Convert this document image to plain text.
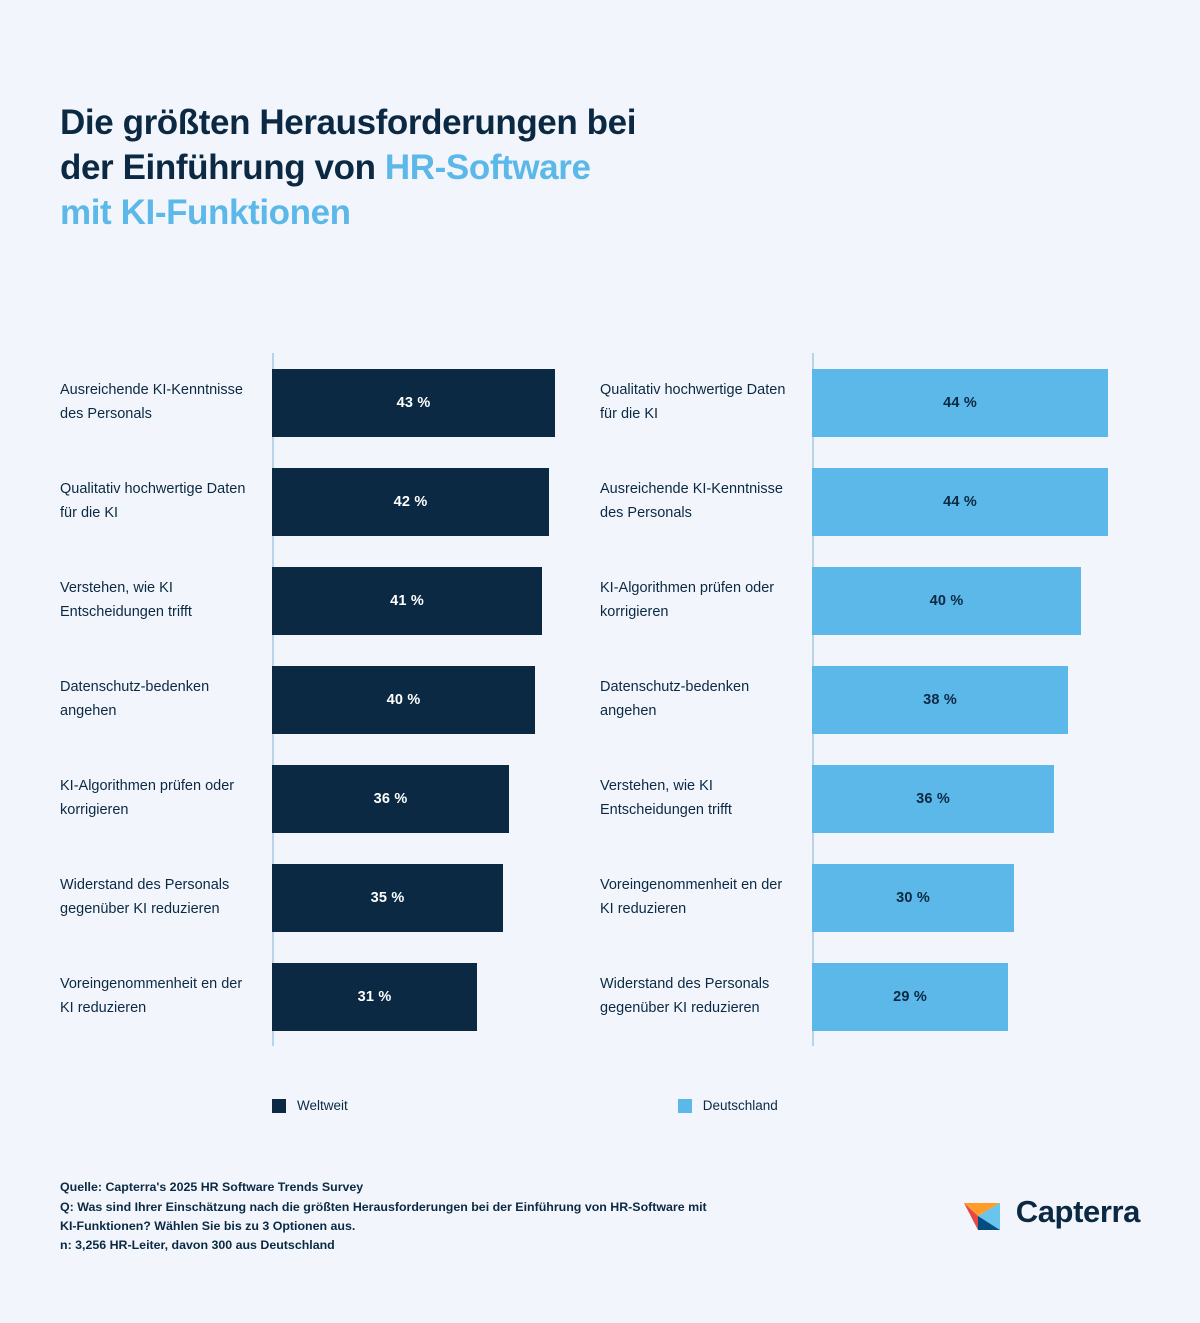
Die größten Herausforderungen bei
der Einführung von HR-Software
mit KI-Funktionen
Ausreichende KI-Kenntnisse des Personals
43 %
Qualitativ hochwertige Daten für die KI
42 %
Verstehen, wie KI Entscheidungen trifft
41 %
Datenschutz-bedenken angehen
40 %
KI-Algorithmen prüfen oder korrigieren
36 %
Widerstand des Personals gegenüber KI reduzieren
35 %
Voreingenommenheit en der KI reduzieren
31 %
Qualitativ hochwertige Daten für die KI
44 %
Ausreichende KI-Kenntnisse des Personals
44 %
KI-Algorithmen prüfen oder korrigieren
40 %
Datenschutz-bedenken angehen
38 %
Verstehen, wie KI Entscheidungen trifft
36 %
Voreingenommenheit en der KI reduzieren
30 %
Widerstand des Personals gegenüber KI reduzieren
29 %
Weltweit	Deutschland
Quelle: Capterra's 2025 HR Software Trends Survey
Q: Was sind Ihrer Einschätzung nach die größten Herausforderungen bei der Einführung von HR-Software mit
KI-Funktionen? Wählen Sie bis zu 3 Optionen aus.
n: 3,256 HR-Leiter, davon 300 aus Deutschland
Capterra
